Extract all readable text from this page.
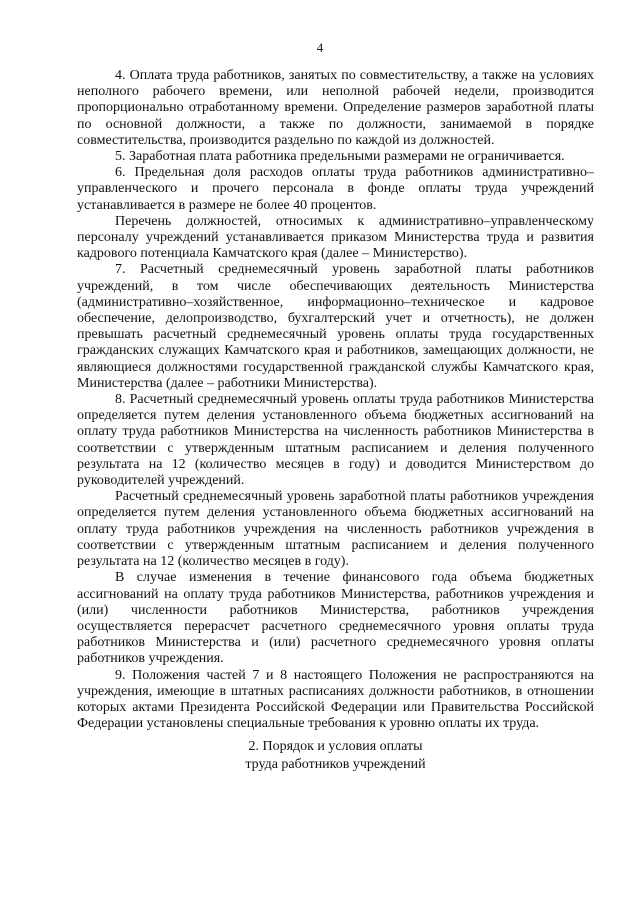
4

4. Оплата труда работников, занятых по совместительству, а также на условиях неполного рабочего времени, или неполной рабочей недели, производится пропорционально отработанному времени. Определение размеров заработной платы по основной должности, а также по должности, занимаемой в порядке совместительства, производится раздельно по каждой из должностей.

5. Заработная плата работника предельными размерами не ограничивается.

6. Предельная доля расходов оплаты труда работников административно–управленческого и прочего персонала в фонде оплаты труда учреждений устанавливается в размере не более 40 процентов.

Перечень должностей, относимых к административно–управленческому персоналу учреждений устанавливается приказом Министерства труда и развития кадрового потенциала Камчатского края (далее – Министерство).

7. Расчетный среднемесячный уровень заработной платы работников учреждений, в том числе обеспечивающих деятельность Министерства (административно–хозяйственное, информационно–техническое и кадровое обеспечение, делопроизводство, бухгалтерский учет и отчетность), не должен превышать расчетный среднемесячный уровень оплаты труда государственных гражданских служащих Камчатского края и работников, замещающих должности, не являющиеся должностями государственной гражданской службы Камчатского края, Министерства (далее – работники Министерства).

8. Расчетный среднемесячный уровень оплаты труда работников Министерства определяется путем деления установленного объема бюджетных ассигнований на оплату труда работников Министерства на численность работников Министерства в соответствии с утвержденным штатным расписанием и деления полученного результата на 12 (количество месяцев в году) и доводится Министерством до руководителей учреждений.

Расчетный среднемесячный уровень заработной платы работников учреждения определяется путем деления установленного объема бюджетных ассигнований на оплату труда работников учреждения на численность работников учреждения в соответствии с утвержденным штатным расписанием и деления полученного результата на 12 (количество месяцев в году).

В случае изменения в течение финансового года объема бюджетных ассигнований на оплату труда работников Министерства, работников учреждения и (или) численности работников Министерства, работников учреждения осуществляется перерасчет расчетного среднемесячного уровня оплаты труда работников Министерства и (или) расчетного среднемесячного уровня оплаты работников учреждения.

9. Положения частей 7 и 8 настоящего Положения не распространяются на учреждения, имеющие в штатных расписаниях должности работников, в отношении которых актами Президента Российской Федерации или Правительства Российской Федерации установлены специальные требования к уровню оплаты их труда.

2. Порядок и условия оплаты
труда работников учреждений
